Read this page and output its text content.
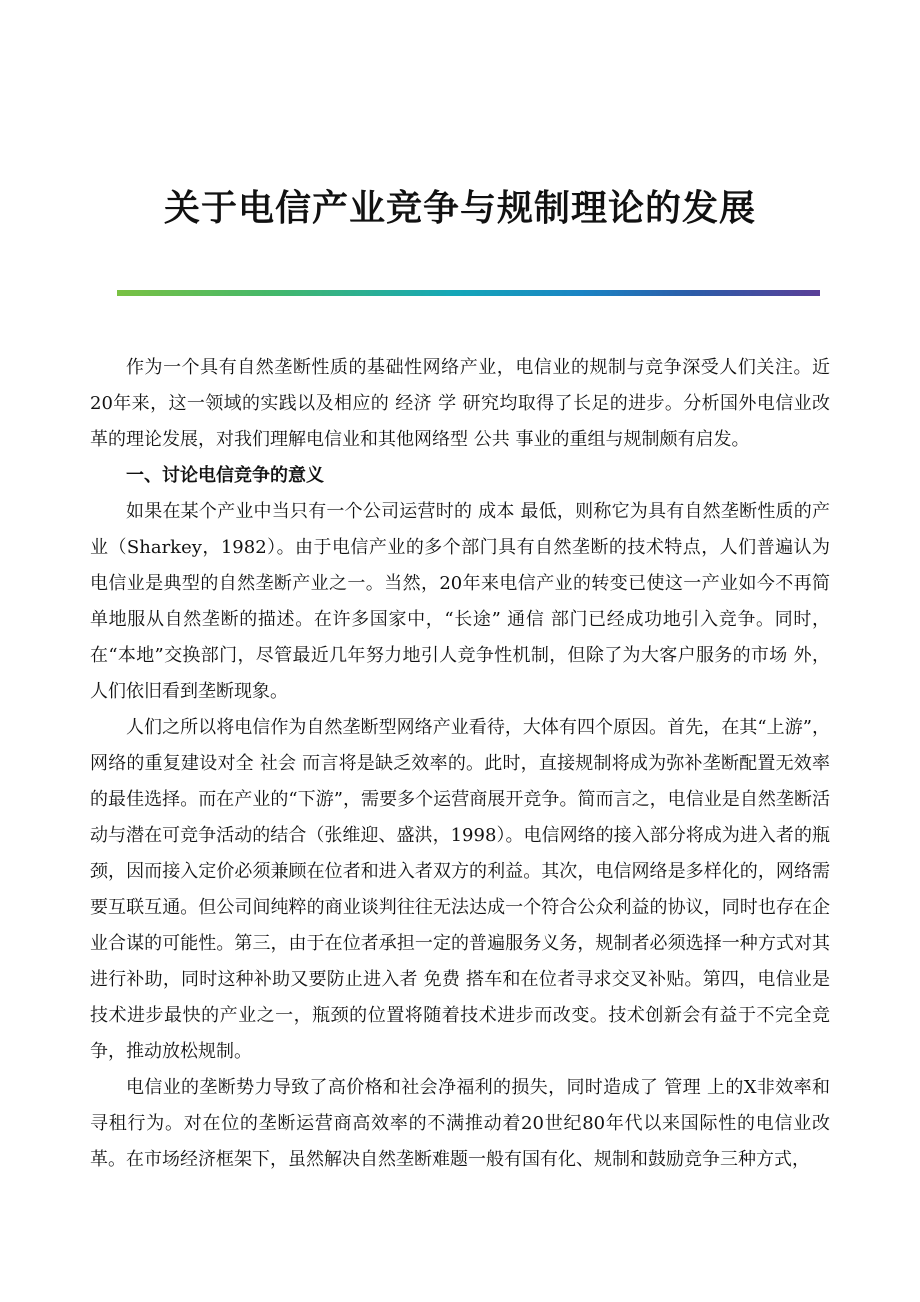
关于电信产业竞争与规制理论的发展

作为一个具有自然垄断性质的基础性网络产业，电信业的规制与竞争深受人们关注。近20年来，这一领域的实践以及相应的 经济 学 研究均取得了长足的进步。分析国外电信业改革的理论发展，对我们理解电信业和其他网络型 公共 事业的重组与规制颇有启发。

一、讨论电信竞争的意义

如果在某个产业中当只有一个公司运营时的 成本 最低，则称它为具有自然垄断性质的产业（Sharkey，1982）。由于电信产业的多个部门具有自然垄断的技术特点，人们普遍认为电信业是典型的自然垄断产业之一。当然，20年来电信产业的转变已使这一产业如今不再简单地服从自然垄断的描述。在许多国家中，“长途” 通信 部门已经成功地引入竞争。同时，在“本地”交换部门，尽管最近几年努力地引人竞争性机制，但除了为大客户服务的市场 外，人们依旧看到垄断现象。

人们之所以将电信作为自然垄断型网络产业看待，大体有四个原因。首先，在其“上游”，网络的重复建设对全 社会 而言将是缺乏效率的。此时，直接规制将成为弥补垄断配置无效率的最佳选择。而在产业的“下游”，需要多个运营商展开竞争。简而言之，电信业是自然垄断活动与潜在可竞争活动的结合（张维迎、盛洪，1998）。电信网络的接入部分将成为进入者的瓶颈，因而接入定价必须兼顾在位者和进入者双方的利益。其次，电信网络是多样化的，网络需要互联互通。但公司间纯粹的商业谈判往往无法达成一个符合公众利益的协议，同时也存在企业合谋的可能性。第三，由于在位者承担一定的普遍服务义务，规制者必须选择一种方式对其进行补助，同时这种补助又要防止进入者 免费 搭车和在位者寻求交叉补贴。第四，电信业是技术进步最快的产业之一，瓶颈的位置将随着技术进步而改变。技术创新会有益于不完全竞争，推动放松规制。

电信业的垄断势力导致了高价格和社会净福利的损失，同时造成了 管理 上的X非效率和寻租行为。对在位的垄断运营商高效率的不满推动着20世纪80年代以来国际性的电信业改革。在市场经济框架下，虽然解决自然垄断难题一般有国有化、规制和鼓励竞争三种方式，
